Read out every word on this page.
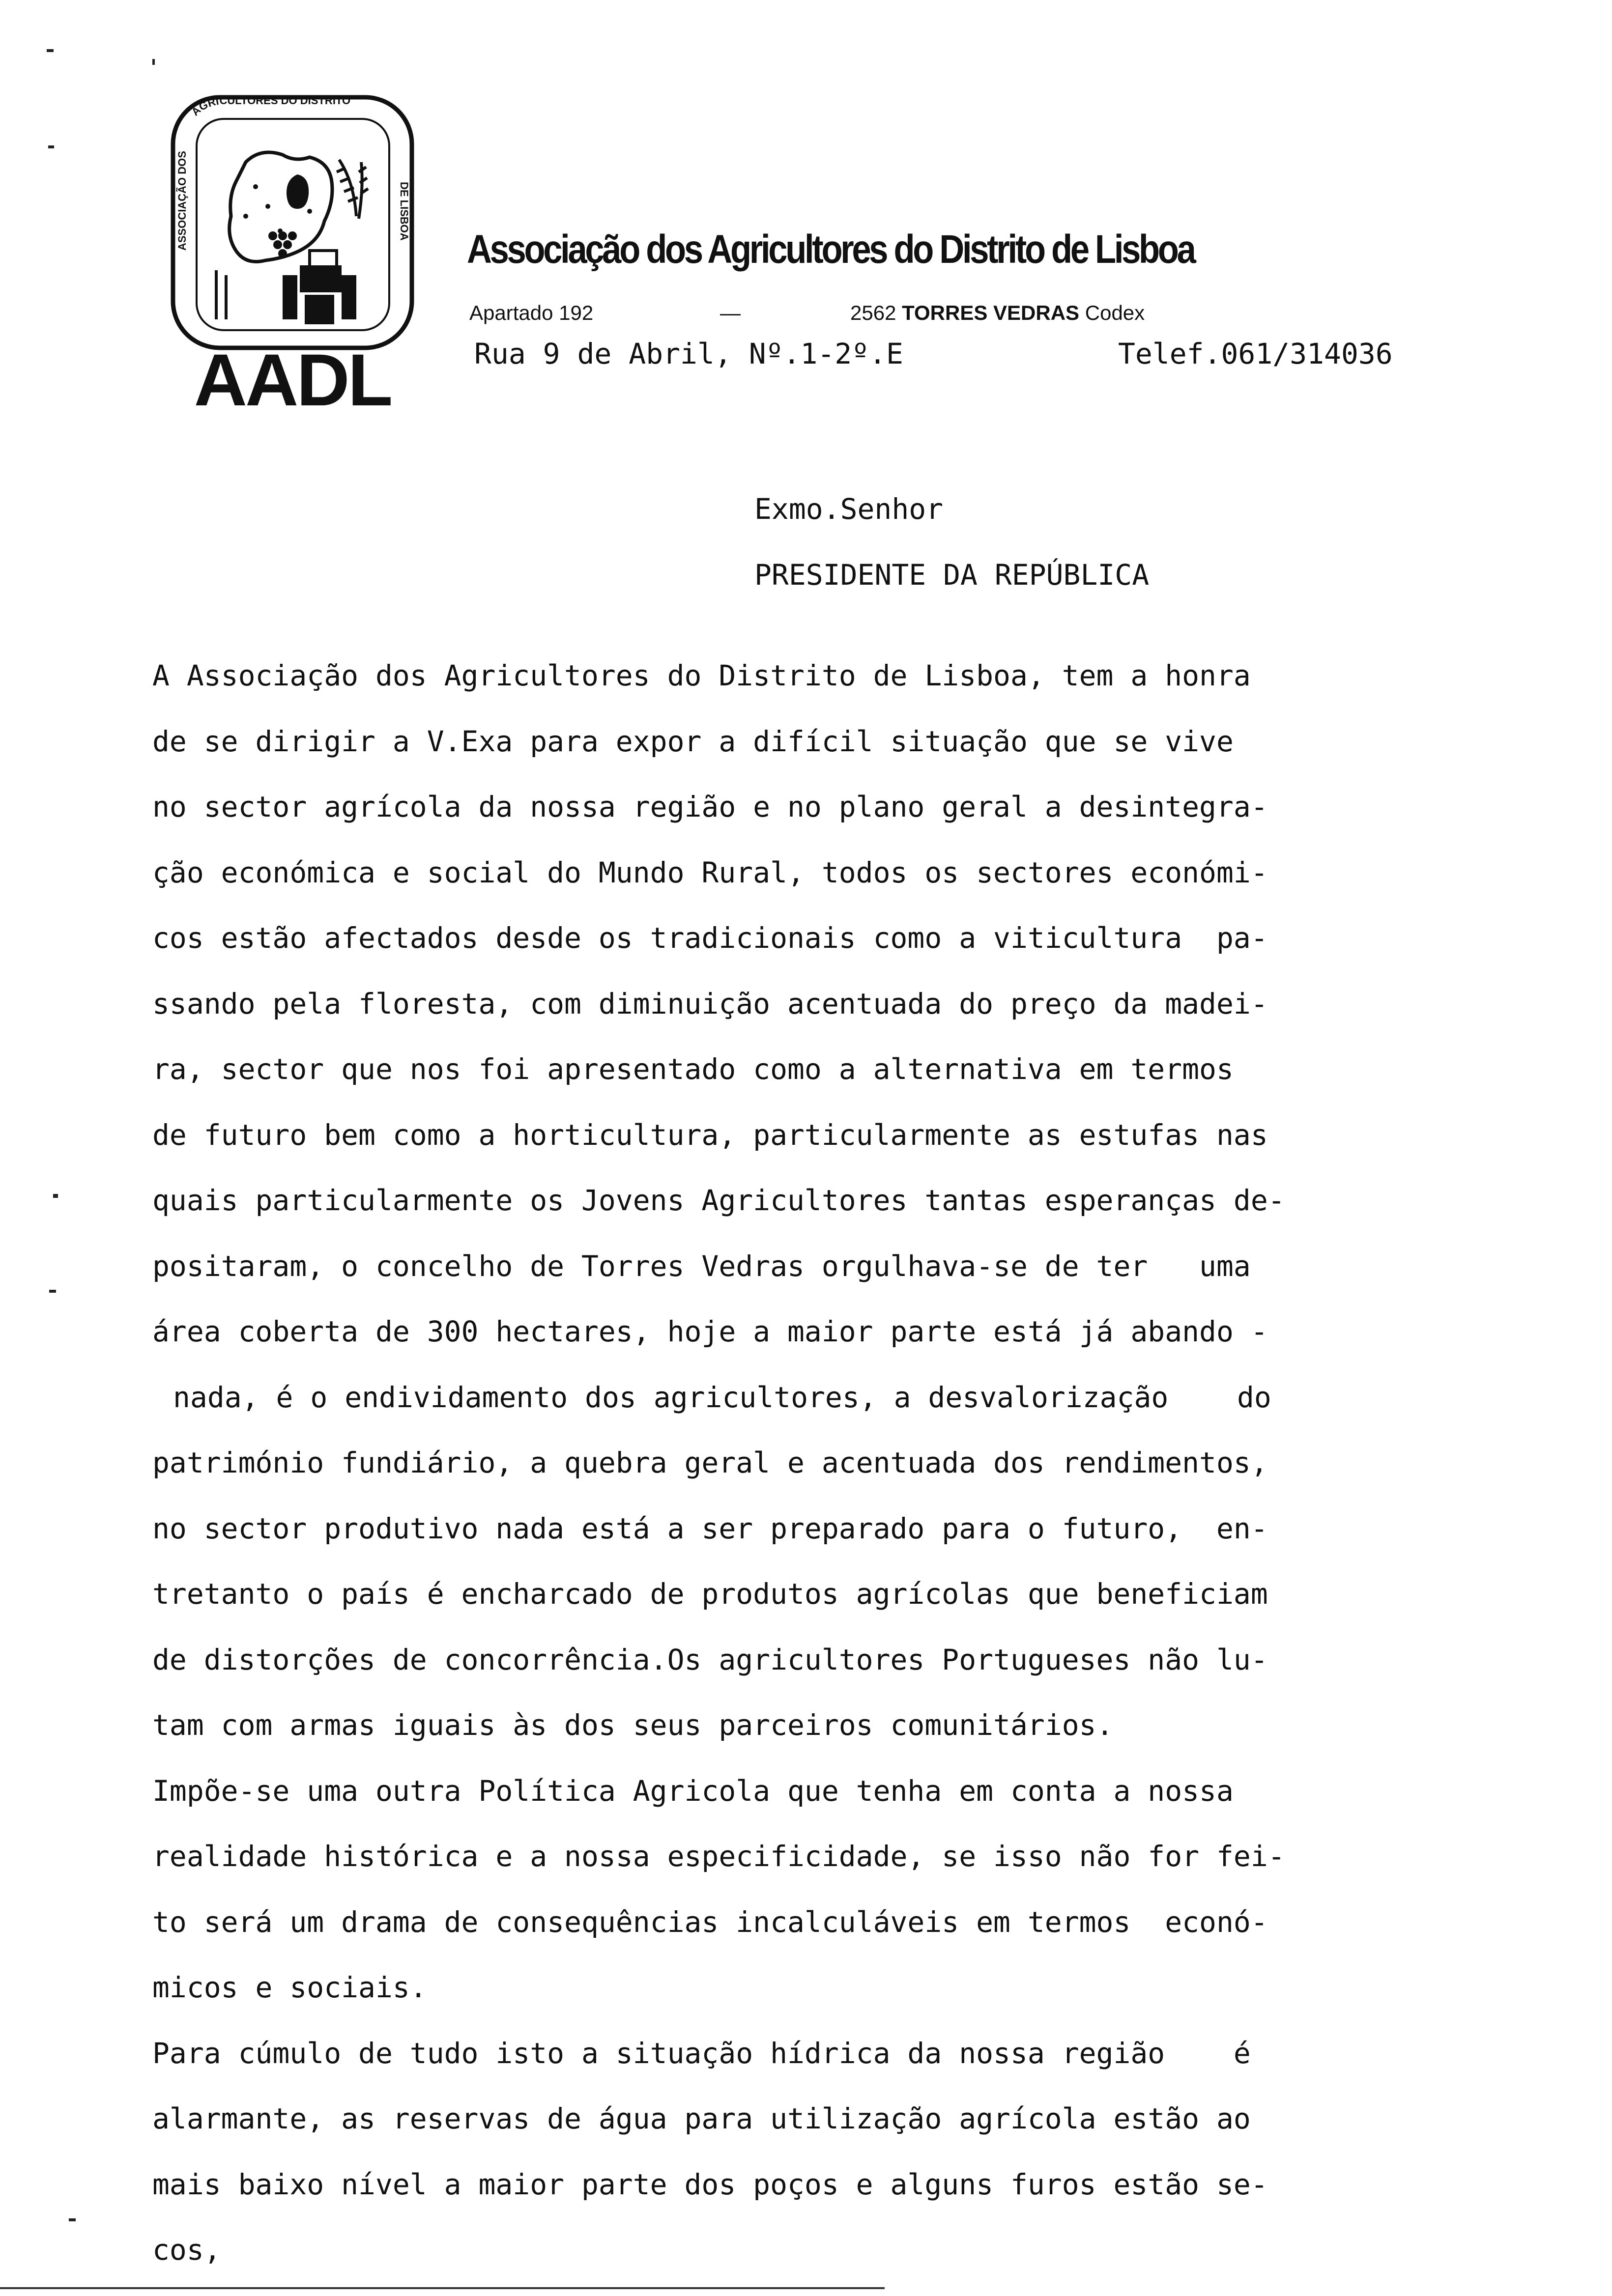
AGRICULTORES DO DISTRITO
ASSOCIAÇÃO DOS	DE LISBOA
AADL
Associação dos Agricultores do Distrito de Lisboa
Apartado 192	—	2562 TORRES VEDRAS Codex
Rua 9 de Abril, Nº.1-2º.E	Telef.061/314036
Exmo.Senhor
PRESIDENTE DA REPÚBLICA
A Associação dos Agricultores do Distrito de Lisboa, tem a honra
de se dirigir a V.Exa para expor a difícil situação que se vive
no sector agrícola da nossa região e no plano geral a desintegra-
ção económica e social do Mundo Rural, todos os sectores económi-
cos estão afectados desde os tradicionais como a viticultura  pa-
ssando pela floresta, com diminuição acentuada do preço da madei-
ra, sector que nos foi apresentado como a alternativa em termos
de futuro bem como a horticultura, particularmente as estufas nas
quais particularmente os Jovens Agricultores tantas esperanças de-
positaram, o concelho de Torres Vedras orgulhava-se de ter   uma
área coberta de 300 hectares, hoje a maior parte está já abando -
nada, é o endividamento dos agricultores, a desvalorização    do
património fundiário, a quebra geral e acentuada dos rendimentos,
no sector produtivo nada está a ser preparado para o futuro,  en-
tretanto o país é encharcado de produtos agrícolas que beneficiam
de distorções de concorrência.Os agricultores Portugueses não lu-
tam com armas iguais às dos seus parceiros comunitários.
Impõe-se uma outra Política Agricola que tenha em conta a nossa
realidade histórica e a nossa especificidade, se isso não for fei-
to será um drama de consequências incalculáveis em termos  econó-
micos e sociais.
Para cúmulo de tudo isto a situação hídrica da nossa região    é
alarmante, as reservas de água para utilização agrícola estão ao
mais baixo nível a maior parte dos poços e alguns furos estão se-
cos,
